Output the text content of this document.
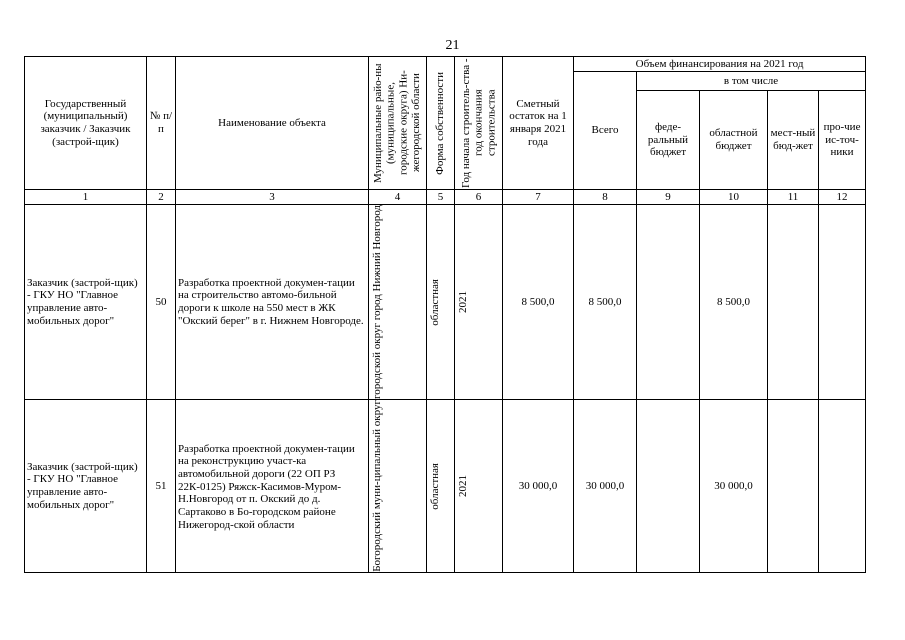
21
Государственный (муниципальный) заказчик / Заказчик (застрой-щик)	№ п/п	Наименование объекта	Муниципальные райо-ны (муниципальные, городские округа) Ни-жегородской области	Форма собственности	Год начала строитель-ства - год окончания строительства	Сметный остаток на 1 января 2021 года	Объем финансирования на 2021 год				
							Всего	в том числе			
								феде-ральный бюджет	областной бюджет	мест-ный бюд-жет	про-чие ис-точ-ники
1	2	3	4	5	6	7	8	9	10	11	12
Заказчик (застрой-щик) - ГКУ НО "Главное управление авто-мобильных дорог"	50	Разработка проектной докумен-тации на строительство автомо-бильной дороги к школе на 550 мест в ЖК "Окский берег" в г. Нижнем Новгороде.	городской округ город Нижний Новгород	областная	2021	8 500,0	8 500,0		8 500,0		
Заказчик (застрой-щик) - ГКУ НО "Главное управление авто-мобильных дорог"	51	Разработка проектной докумен-тации на реконструкцию участ-ка автомобильной дороги (22 ОП РЗ 22К-0125) Ряжск-Касимов-Муром-Н.Новгород от п. Окский до д. Сартаково в Бо-городском районе Нижегород-ской области	Богородский муни-ципальный округ	областная	2021	30 000,0	30 000,0		30 000,0		
